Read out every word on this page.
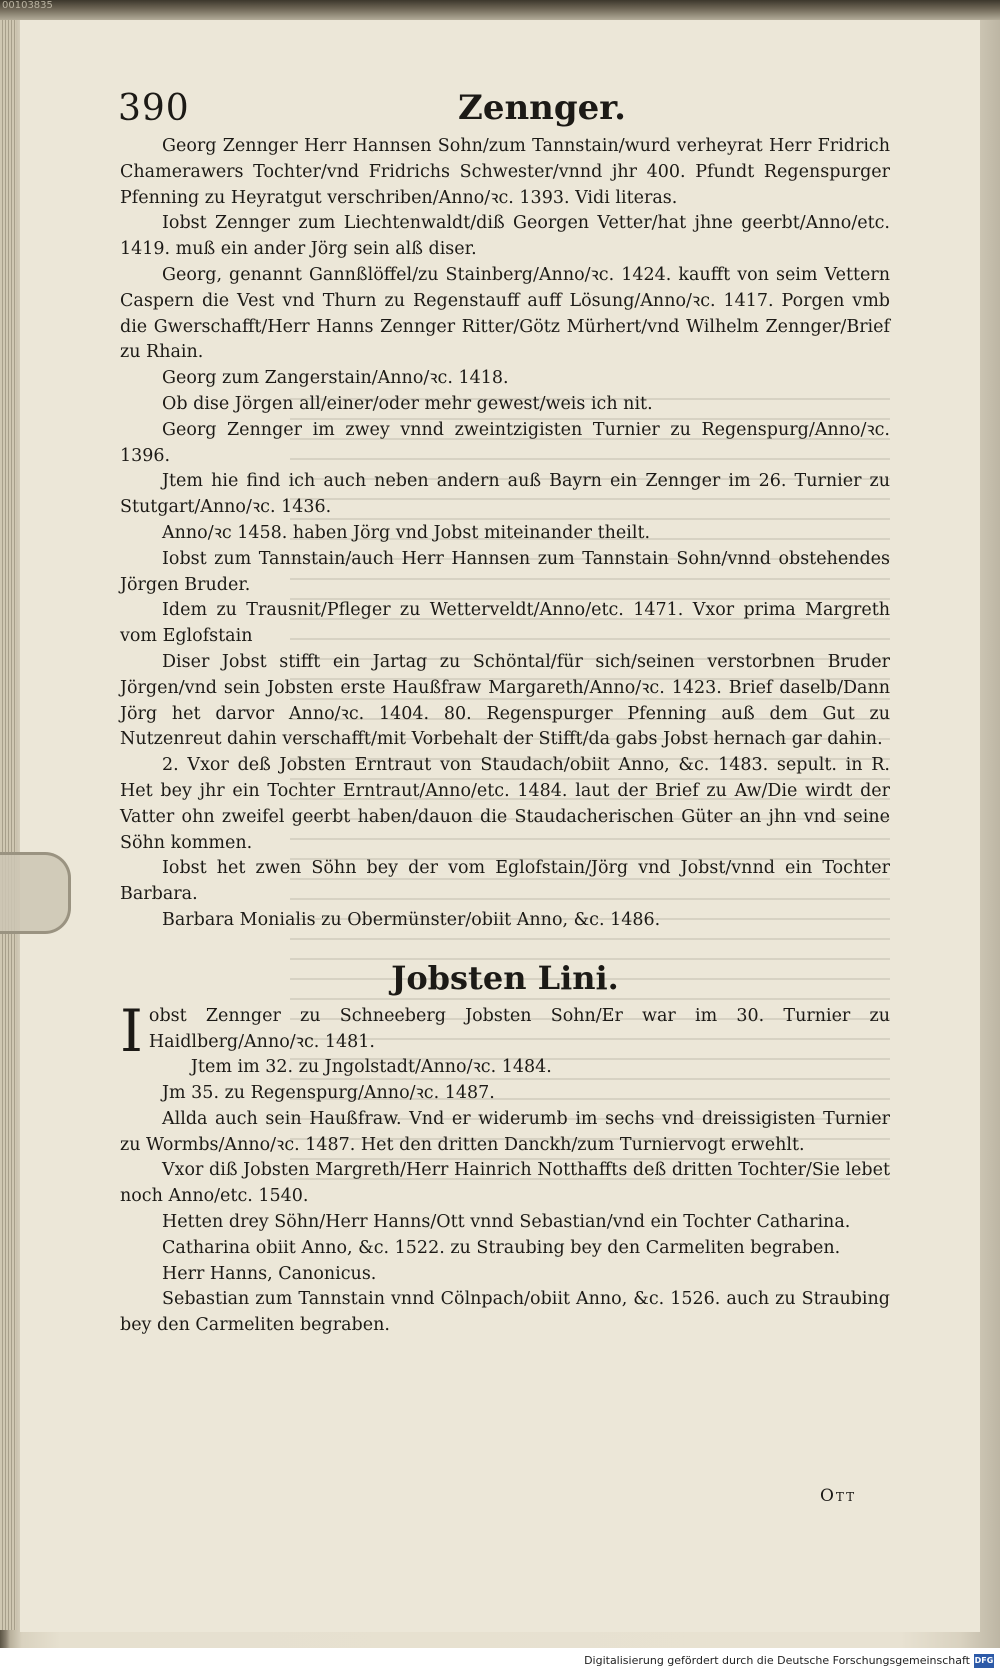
00103835
390	Zennger.

Georg Zennger Herr Hannsen Sohn/zum Tannstain/wurd verheyrat Herr Fridrich Chamerawers Tochter/vnd Fridrichs Schwester/vnnd jhr 400. Pfundt Regenspurger Pfenning zu Heyratgut verschriben/Anno/ꝛc. 1393. Vidi literas.

Iobst Zennger zum Liechtenwaldt/diß Georgen Vetter/hat jhne geerbt/Anno/etc. 1419. muß ein ander Jörg sein alß diser.

Georg, genannt Gannßlöffel/zu Stainberg/Anno/ꝛc. 1424. kaufft von seim Vettern Caspern die Vest vnd Thurn zu Regenstauff auff Lösung/Anno/ꝛc. 1417. Porgen vmb die Gwerschafft/Herr Hanns Zennger Ritter/Götz Mürhert/vnd Wilhelm Zennger/Brief zu Rhain.

Georg zum Zangerstain/Anno/ꝛc. 1418.

Ob dise Jörgen all/einer/oder mehr gewest/weis ich nit.

Georg Zennger im zwey vnnd zweintzigisten Turnier zu Regenspurg/Anno/ꝛc. 1396.

Jtem hie find ich auch neben andern auß Bayrn ein Zennger im 26. Turnier zu Stutgart/Anno/ꝛc. 1436.

Anno/ꝛc 1458. haben Jörg vnd Jobst miteinander theilt.

Iobst zum Tannstain/auch Herr Hannsen zum Tannstain Sohn/vnnd obstehendes Jörgen Bruder.

Idem zu Trausnit/Pfleger zu Wetterveldt/Anno/etc. 1471. Vxor prima Margreth vom Eglofstain

Diser Jobst stifft ein Jartag zu Schöntal/für sich/seinen verstorbnen Bruder Jörgen/vnd sein Jobsten erste Haußfraw Margareth/Anno/ꝛc. 1423. Brief daselb/Dann Jörg het darvor Anno/ꝛc. 1404. 80. Regenspurger Pfenning auß dem Gut zu Nutzenreut dahin verschafft/mit Vorbehalt der Stifft/da gabs Jobst hernach gar dahin.

2. Vxor deß Jobsten Erntraut von Staudach/obiit Anno, &c. 1483. sepult. in R. Het bey jhr ein Tochter Erntraut/Anno/etc. 1484. laut der Brief zu Aw/Die wirdt der Vatter ohn zweifel geerbt haben/dauon die Staudacherischen Güter an jhn vnd seine Söhn kommen.

Iobst het zwen Söhn bey der vom Eglofstain/Jörg vnd Jobst/vnnd ein Tochter Barbara.

Barbara Monialis zu Obermünster/obiit Anno, &c. 1486.

Jobsten Lini.

Iobst Zennger zu Schneeberg Jobsten Sohn/Er war im 30. Turnier zu Haidlberg/Anno/ꝛc. 1481.

Jtem im 32. zu Jngolstadt/Anno/ꝛc. 1484.

Jm 35. zu Regenspurg/Anno/ꝛc. 1487.

Allda auch sein Haußfraw. Vnd er widerumb im sechs vnd dreissigisten Turnier zu Wormbs/Anno/ꝛc. 1487. Het den dritten Danckh/zum Turniervogt erwehlt.

Vxor diß Jobsten Margreth/Herr Hainrich Notthaffts deß dritten Tochter/Sie lebet noch Anno/etc. 1540.

Hetten drey Söhn/Herr Hanns/Ott vnnd Sebastian/vnd ein Tochter Catharina.

Catharina obiit Anno, &c. 1522. zu Straubing bey den Carmeliten begraben.

Herr Hanns, Canonicus.

Sebastian zum Tannstain vnnd Cölnpach/obiit Anno, &c. 1526. auch zu Straubing bey den Carmeliten begraben.

Ott
Digitalisierung gefördert durch die Deutsche Forschungsgemeinschaft DFG
